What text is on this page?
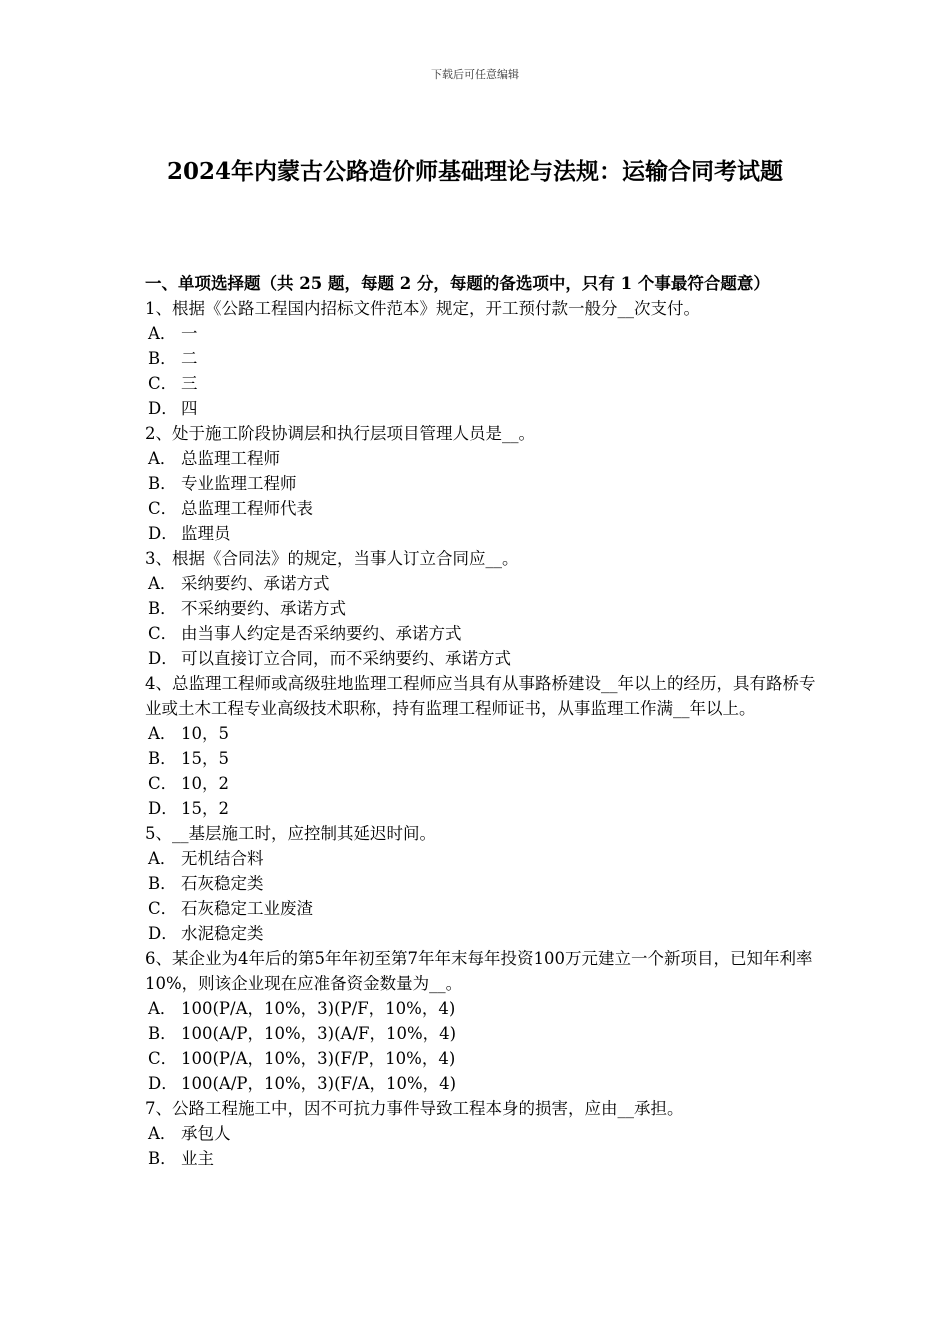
下载后可任意编辑
2024年内蒙古公路造价师基础理论与法规：运输合同考试题

一、单项选择题（共 25 题，每题 2 分，每题的备选项中，只有 1 个事最符合题意）

1、根据《公路工程国内招标文件范本》规定，开工预付款一般分__次支付。

A． 一

B． 二

C． 三

D． 四

2、处于施工阶段协调层和执行层项目管理人员是__。

A． 总监理工程师

B． 专业监理工程师

C． 总监理工程师代表

D． 监理员

3、根据《合同法》的规定，当事人订立合同应__。

A． 采纳要约、承诺方式

B． 不采纳要约、承诺方式

C． 由当事人约定是否采纳要约、承诺方式

D． 可以直接订立合同，而不采纳要约、承诺方式

4、总监理工程师或高级驻地监理工程师应当具有从事路桥建设__年以上的经历，具有路桥专业或土木工程专业高级技术职称，持有监理工程师证书，从事监理工作满__年以上。

A． 10，5

B． 15，5

C． 10，2

D． 15，2

5、__基层施工时，应控制其延迟时间。

A． 无机结合料

B． 石灰稳定类

C． 石灰稳定工业废渣

D． 水泥稳定类

6、某企业为4年后的第5年年初至第7年年末每年投资100万元建立一个新项目，已知年利率10%，则该企业现在应准备资金数量为__。

A． 100(P/A，10%，3)(P/F，10%，4)

B． 100(A/P，10%，3)(A/F，10%，4)

C． 100(P/A，10%，3)(F/P，10%，4)

D． 100(A/P，10%，3)(F/A，10%，4)

7、公路工程施工中，因不可抗力事件导致工程本身的损害，应由__承担。

A． 承包人

B． 业主
